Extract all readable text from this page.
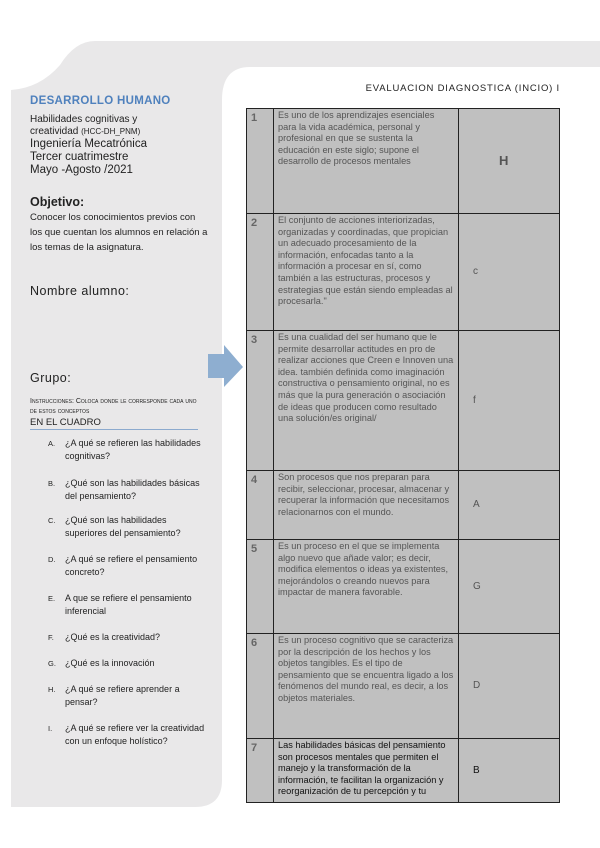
DESARROLLO HUMANO
Habilidades cognitivas y
creatividad (HCC-DH_PNM)
Ingeniería Mecatrónica
Tercer cuatrimestre
Mayo -Agosto /2021
Objetivo:
Conocer los conocimientos previos con los que cuentan los alumnos en relación a los temas de la asignatura.
Nombre alumno:
Grupo:
Instrucciones: Coloca donde le corresponde cada uno de estos conceptos
EN EL CUADRO
A.	¿A qué se refieren las habilidades cognitivas?
B.	¿Qué son las habilidades básicas del pensamiento?
C.	¿Qué son las habilidades superiores del pensamiento?
D.	¿A qué se refiere el pensamiento concreto?
E.	A que se refiere el pensamiento inferencial
F.	¿Qué es la creatividad?
G.	¿Qué es la innovación
H.	¿A qué se refiere aprender a pensar?
I.	¿A qué se refiere ver la creatividad con un enfoque holístico?
EVALUACION DIAGNOSTICA (INCIO) I
1	Es uno de los aprendizajes esenciales para la vida académica, personal y profesional en que se sustenta la educación en este siglo; supone el desarrollo de procesos mentales	H
2	El conjunto de acciones interiorizadas, organizadas y coordinadas, que propician un adecuado procesamiento de la información, enfocadas tanto a la información a procesar en sí, como también a las estructuras, procesos y estrategias que están siendo empleadas al procesarla."	c
3	Es una cualidad del ser humano que le permite desarrollar actitudes en pro de realizar acciones que Creen e Innoven una idea. también definida como imaginación constructiva o pensamiento original, no es más que la pura generación o asociación de ideas que producen como resultado una solución/es original/	f
4	Son procesos que nos preparan para recibir, seleccionar, procesar, almacenar y recuperar la información que necesitamos relacionarnos con el mundo.	A
5	Es un proceso en el que se implementa algo nuevo que añade valor; es decir, modifica elementos o ideas ya existentes, mejorándolos o creando nuevos para impactar de manera favorable.	G
6	Es un proceso cognitivo que se caracteriza por la descripción de los hechos y los objetos tangibles. Es el tipo de pensamiento que se encuentra ligado a los fenómenos del mundo real, es decir, a los objetos materiales.	D
7	Las habilidades básicas del pensamiento son procesos mentales que permiten el manejo y la transformación de la información, te facilitan la organización y reorganización de tu percepción y tu	B
